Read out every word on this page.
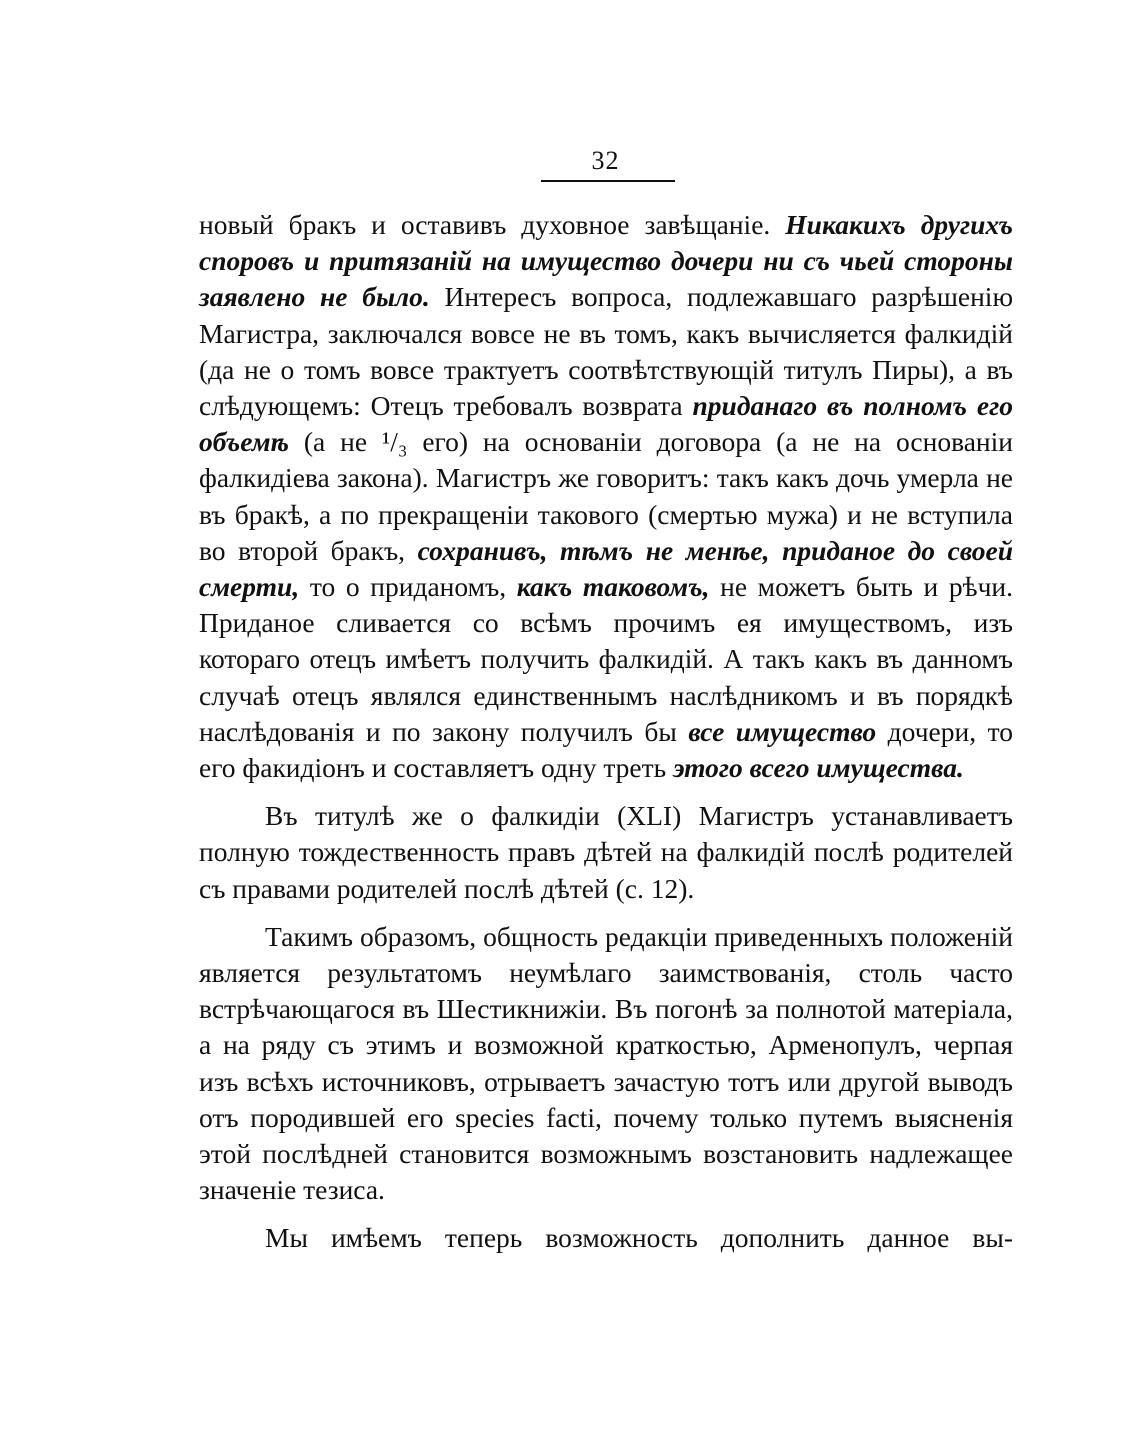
32

новый бракъ и оставивъ духовное завѣщаніе. Никакихъ другихъ споровъ и притязаній на имущество дочери ни съ чьей стороны заявлено не было. Интересъ вопроса, подлежавшаго разрѣшенію Магистра, заключался вовсе не въ томъ, какъ вычисляется фалкидій (да не о томъ вовсе трактуетъ соотвѣтствующій титулъ Пиры), а въ слѣдующемъ: Отецъ требовалъ возврата приданаго въ полномъ его объемѣ (а не ¹/₃ его) на основаніи договора (а не на основаніи фалкидіева закона). Магистръ же говоритъ: такъ какъ дочь умерла не въ бракѣ, а по прекращеніи такового (смертью мужа) и не вступила во второй бракъ, сохранивъ, тѣмъ не менѣе, приданое до своей смерти, то о приданомъ, какъ таковомъ, не можетъ быть и рѣчи. Приданое сливается со всѣмъ прочимъ ея имуществомъ, изъ котораго отецъ имѣетъ получить фалкидій. А такъ какъ въ данномъ случаѣ отецъ являлся единственнымъ наслѣдникомъ и въ порядкѣ наслѣдованія и по закону получилъ бы все имущество дочери, то его факидіонъ и составляетъ одну треть этого всего имущества.

Въ титулѣ же о фалкидіи (XLI) Магистръ устанавливаетъ полную тождественность правъ дѣтей на фалкидій послѣ родителей съ правами родителей послѣ дѣтей (с. 12).

Такимъ образомъ, общность редакціи приведенныхъ положеній является результатомъ неумѣлаго заимствованія, столь часто встрѣчающагося въ Шестикнижіи. Въ погонѣ за полнотой матеріала, а на ряду съ этимъ и возможной краткостью, Арменопулъ, черпая изъ всѣхъ источниковъ, отрываетъ зачастую тотъ или другой выводъ отъ породившей его species facti, почему только путемъ выясненія этой послѣдней становится возможнымъ возстановить надлежащее значеніе тезиса.

Мы имѣемъ теперь возможность дополнить данное вы-
